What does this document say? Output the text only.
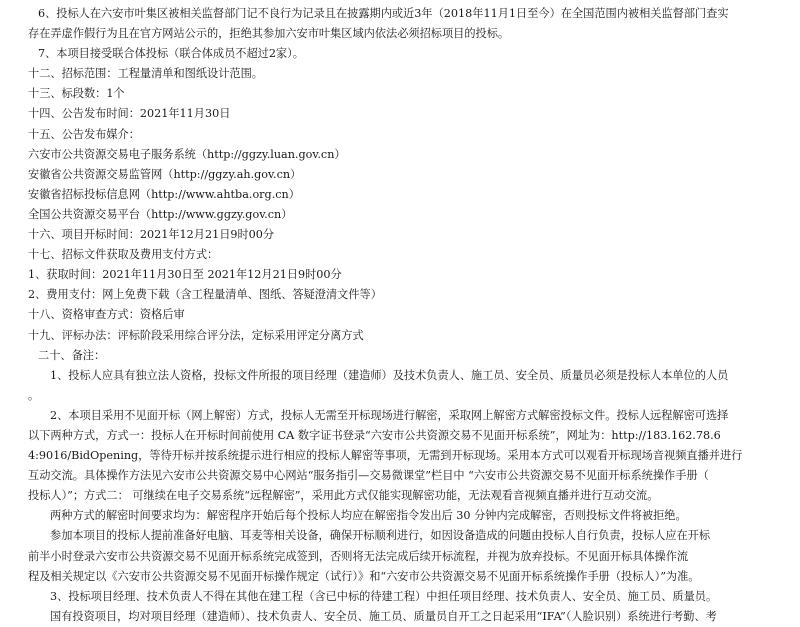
6、投标人在六安市叶集区被相关监督部门记不良行为记录且在披露期内或近3年（2018年11月1日至今）在全国范围内被相关监督部门查实
存在弄虚作假行为且在官方网站公示的，拒绝其参加六安市叶集区域内依法必须招标项目的投标。
7、本项目接受联合体投标（联合体成员不超过2家）。
十二、招标范围：工程量清单和图纸设计范围。
十三、标段数：1个
十四、公告发布时间：2021年11月30日
十五、公告发布媒介：
六安市公共资源交易电子服务系统（http://ggzy.luan.gov.cn）
安徽省公共资源交易监管网（http://ggzy.ah.gov.cn）
安徽省招标投标信息网（http://www.ahtba.org.cn）
全国公共资源交易平台（http://www.ggzy.gov.cn）
十六、项目开标时间：2021年12月21日9时00分
十七、招标文件获取及费用支付方式：
1、获取时间：2021年11月30日至 2021年12月21日9时00分
2、费用支付：网上免费下载（含工程量清单、图纸、答疑澄清文件等）
十八、资格审查方式：资格后审
十九、评标办法：评标阶段采用综合评分法，定标采用评定分离方式
二十、备注：
1、投标人应具有独立法人资格，投标文件所报的项目经理（建造师）及技术负责人、施工员、安全员、质量员必须是投标人本单位的人员
。
2、本项目采用不见面开标（网上解密）方式，投标人无需至开标现场进行解密，采取网上解密方式解密投标文件。投标人远程解密可选择
以下两种方式，方式一：投标人在开标时间前使用 CA 数字证书登录“六安市公共资源交易不见面开标系统”，网址为：http://183.162.78.6
4:9016/BidOpening，等待开标并按系统提示进行相应的投标人解密等事项，无需到开标现场。采用本方式可以观看开标现场音视频直播并进行
互动交流。具体操作方法见六安市公共资源交易中心网站“服务指引—交易微课堂”栏目中 “六安市公共资源交易不见面开标系统操作手册（
投标人）”；方式二： 可继续在电子交易系统“远程解密”，采用此方式仅能实现解密功能，无法观看音视频直播并进行互动交流。
两种方式的解密时间要求均为：解密程序开始后每个投标人均应在解密指令发出后 30 分钟内完成解密，否则投标文件将被拒绝。
参加本项目的投标人提前准备好电脑、耳麦等相关设备，确保开标顺利进行，如因设备造成的问题由投标人自行负责，投标人应在开标
前半小时登录六安市公共资源交易不见面开标系统完成签到，否则将无法完成后续开标流程，并视为放弃投标。不见面开标具体操作流
程及相关规定以《六安市公共资源交易不见面开标操作规定（试行）》和“六安市公共资源交易不见面开标系统操作手册（投标人）”为准。
3、投标项目经理、技术负责人不得在其他在建工程（含已中标的待建工程）中担任项目经理、技术负责人、安全员、施工员、质量员。
国有投资项目，均对项目经理（建造师）、技术负责人、安全员、施工员、质量员自开工之日起采用“IFA”（人脸识别）系统进行考勤、考
